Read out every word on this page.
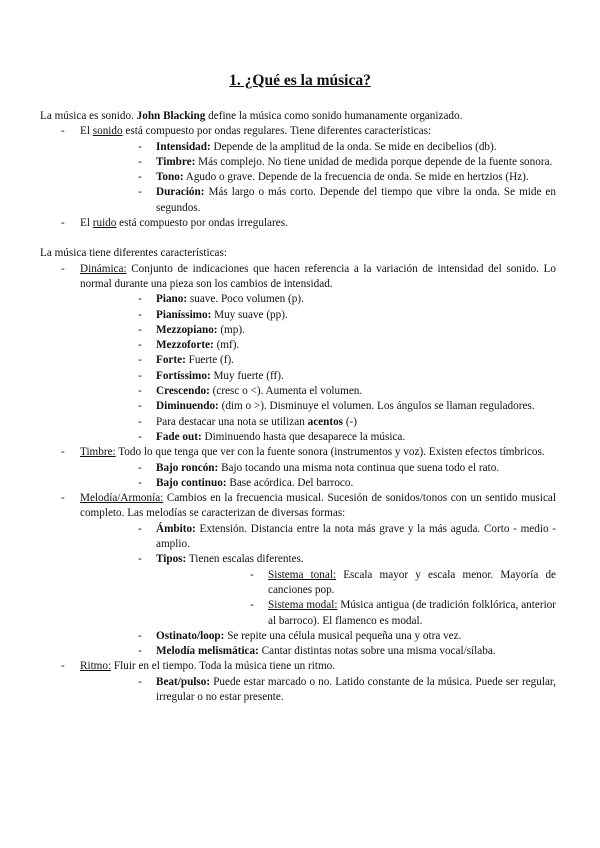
1. ¿Qué es la música?
La música es sonido. John Blacking define la música como sonido humanamente organizado.
-	El sonido está compuesto por ondas regulares. Tiene diferentes características:
-	Intensidad: Depende de la amplitud de la onda. Se mide en decibelios (db).
-	Timbre: Más complejo. No tiene unidad de medida porque depende de la fuente sonora.
-	Tono: Agudo o grave. Depende de la frecuencia de onda. Se mide en hertzios (Hz).
-	Duración: Más largo o más corto. Depende del tiempo que vibre la onda. Se mide en segundos.
-	El ruido está compuesto por ondas irregulares.
La música tiene diferentes características:
-	Dinámica: Conjunto de indicaciones que hacen referencia a la variación de intensidad del sonido. Lo normal durante una pieza son los cambios de intensidad.
-	Piano: suave. Poco volumen (p).
-	Pianíssimo: Muy suave (pp).
-	Mezzopiano: (mp).
-	Mezzoforte: (mf).
-	Forte: Fuerte (f).
-	Fortíssimo: Muy fuerte (ff).
-	Crescendo: (cresc o <). Aumenta el volumen.
-	Diminuendo: (dim o >). Disminuye el volumen. Los ángulos se llaman reguladores.
-	Para destacar una nota se utilizan acentos (-)
-	Fade out: Diminuendo hasta que desaparece la música.
-	Timbre: Todo lo que tenga que ver con la fuente sonora (instrumentos y voz). Existen efectos tímbricos.
-	Bajo roncón: Bajo tocando una misma nota continua que suena todo el rato.
-	Bajo continuo: Base acórdica. Del barroco.
-	Melodía/Armonía: Cambios en la frecuencia musical. Sucesión de sonidos/tonos con un sentido musical completo. Las melodías se caracterizan de diversas formas:
-	Ámbito: Extensión. Distancia entre la nota más grave y la más aguda. Corto - medio - amplio.
-	Tipos: Tienen escalas diferentes.
-	Sistema tonal: Escala mayor y escala menor. Mayoría de canciones pop.
-	Sistema modal: Música antigua (de tradición folklórica, anterior al barroco). El flamenco es modal.
-	Ostinato/loop: Se repite una célula musical pequeña una y otra vez.
-	Melodía melismática: Cantar distintas notas sobre una misma vocal/sílaba.
-	Ritmo: Fluir en el tiempo. Toda la música tiene un ritmo.
-	Beat/pulso: Puede estar marcado o no. Latido constante de la música. Puede ser regular, irregular o no estar presente.
